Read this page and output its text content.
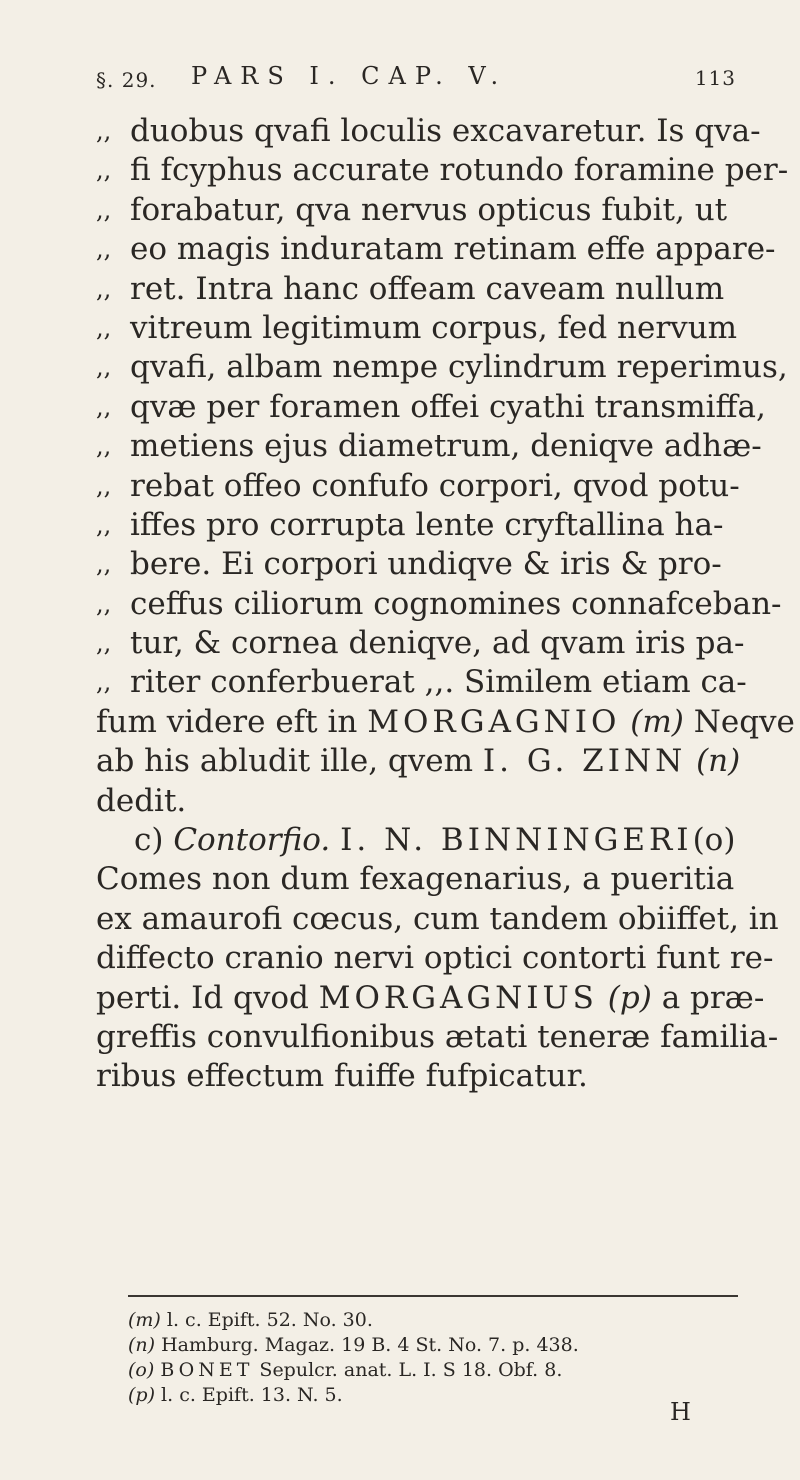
§. 29. PARS I. CAP. V.	113
,, duobus qvafi loculis excavaretur. Is qva-
,, fi fcyphus accurate rotundo foramine per-
,, forabatur, qva nervus opticus fubit, ut
,, eo magis induratam retinam effe appare-
,, ret. Intra hanc offeam caveam nullum
,, vitreum legitimum corpus, fed nervum
,, qvafi, albam nempe cylindrum reperimus,
,, qvæ per foramen offei cyathi transmiffa,
,, metiens ejus diametrum, deniqve adhæ-
,, rebat offeo confufo corpori, qvod potu-
,, iffes pro corrupta lente cryftallina ha-
,, bere. Ei corpori undiqve & iris & pro-
,, ceffus ciliorum cognomines connafceban-
,, tur, & cornea deniqve, ad qvam iris pa-
,, riter conferbuerat ,,. Similem etiam ca-
fum videre eft in MORGAGNIO (m) Neqve
ab his abludit ille, qvem I. G. ZINN (n)
dedit.
c) Contorfio. I. N. BINNINGERI(o)
Comes non dum fexagenarius, a pueritia
ex amaurofi cœcus, cum tandem obiiffet, in
diffecto cranio nervi optici contorti funt re-
perti. Id qvod MORGAGNIUS (p) a præ-
greffis convulfionibus ætati teneræ familia-
ribus effectum fuiffe fufpicatur.
(m) l. c. Epift. 52. No. 30.
(n) Hamburg. Magaz. 19 B. 4 St. No. 7. p. 438.
(o) BONET Sepulcr. anat. L. I. S 18. Obf. 8.
(p) l. c. Epift. 13. N. 5.
H
